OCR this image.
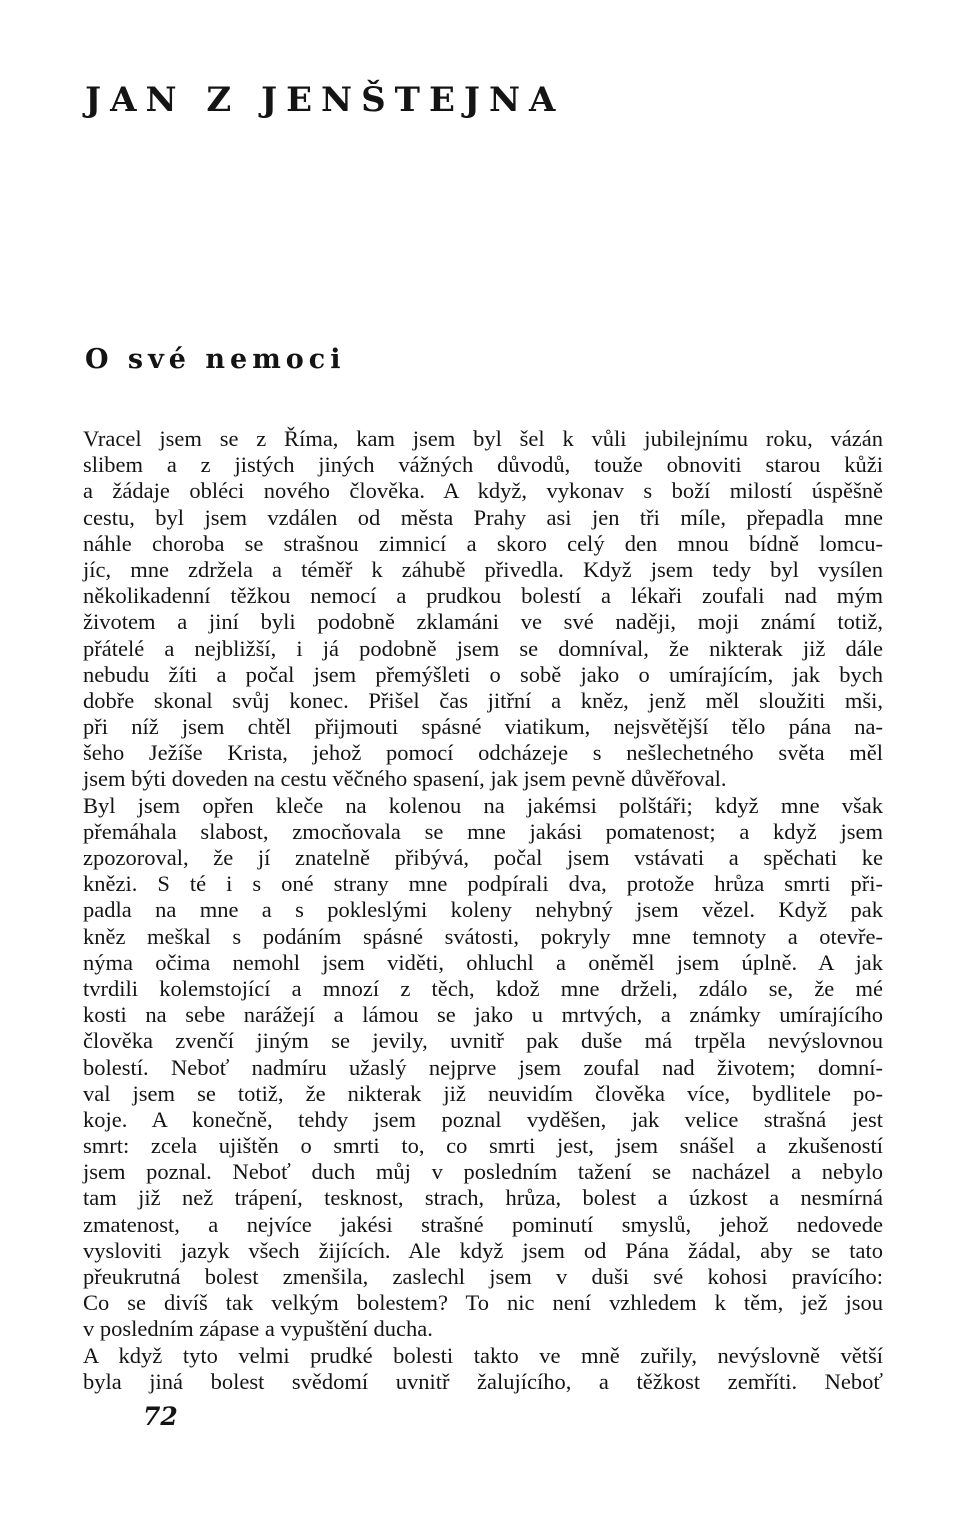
JAN Z JENŠTEJNA
O své nemoci
Vracel jsem se z Říma, kam jsem byl šel k vůli jubilejnímu roku, vázán
slibem a z jistých jiných vážných důvodů, touže obnoviti starou kůži
a žádaje obléci nového člověka. A když, vykonav s boží milostí úspěšně
cestu, byl jsem vzdálen od města Prahy asi jen tři míle, přepadla mne
náhle choroba se strašnou zimnicí a skoro celý den mnou bídně lomcu-
jíc, mne zdržela a téměř k záhubě přivedla. Když jsem tedy byl vysílen
několikadenní těžkou nemocí a prudkou bolestí a lékaři zoufali nad mým
životem a jiní byli podobně zklamáni ve své naději, moji známí totiž,
přátelé a nejbližší, i já podobně jsem se domníval, že nikterak již dále
nebudu žíti a počal jsem přemýšleti o sobě jako o umírajícím, jak bych
dobře skonal svůj konec. Přišel čas jitřní a kněz, jenž měl sloužiti mši,
při níž jsem chtěl přijmouti spásné viatikum, nejsvětější tělo pána na-
šeho Ježíše Krista, jehož pomocí odcházeje s nešlechetného světa měl
jsem býti doveden na cestu věčného spasení, jak jsem pevně důvěřoval.
Byl jsem opřen kleče na kolenou na jakémsi polštáři; když mne však
přemáhala slabost, zmocňovala se mne jakási pomatenost; a když jsem
zpozoroval, že jí znatelně přibývá, počal jsem vstávati a spěchati ke
knězi. S té i s oné strany mne podpírali dva, protože hrůza smrti při-
padla na mne a s pokleslými koleny nehybný jsem vězel. Když pak
kněz meškal s podáním spásné svátosti, pokryly mne temnoty a otevře-
nýma očima nemohl jsem viděti, ohluchl a oněměl jsem úplně. A jak
tvrdili kolemstojící a mnozí z těch, kdož mne drželi, zdálo se, že mé
kosti na sebe narážejí a lámou se jako u mrtvých, a známky umírajícího
člověka zvenčí jiným se jevily, uvnitř pak duše má trpěla nevýslovnou
bolestí. Neboť nadmíru užaslý nejprve jsem zoufal nad životem; domní-
val jsem se totiž, že nikterak již neuvidím člověka více, bydlitele po-
koje. A konečně, tehdy jsem poznal vyděšen, jak velice strašná jest
smrt: zcela ujištěn o smrti to, co smrti jest, jsem snášel a zkušeností
jsem poznal. Neboť duch můj v posledním tažení se nacházel a nebylo
tam již než trápení, tesknost, strach, hrůza, bolest a úzkost a nesmírná
zmatenost, a nejvíce jakési strašné pominutí smyslů, jehož nedovede
vysloviti jazyk všech žijících. Ale když jsem od Pána žádal, aby se tato
přeukrutná bolest zmenšila, zaslechl jsem v duši své kohosi pravícího:
Co se divíš tak velkým bolestem? To nic není vzhledem k těm, jež jsou
v posledním zápase a vypuštění ducha.
A když tyto velmi prudké bolesti takto ve mně zuřily, nevýslovně větší
byla jiná bolest svědomí uvnitř žalujícího, a těžkost zemříti. Neboť
72
